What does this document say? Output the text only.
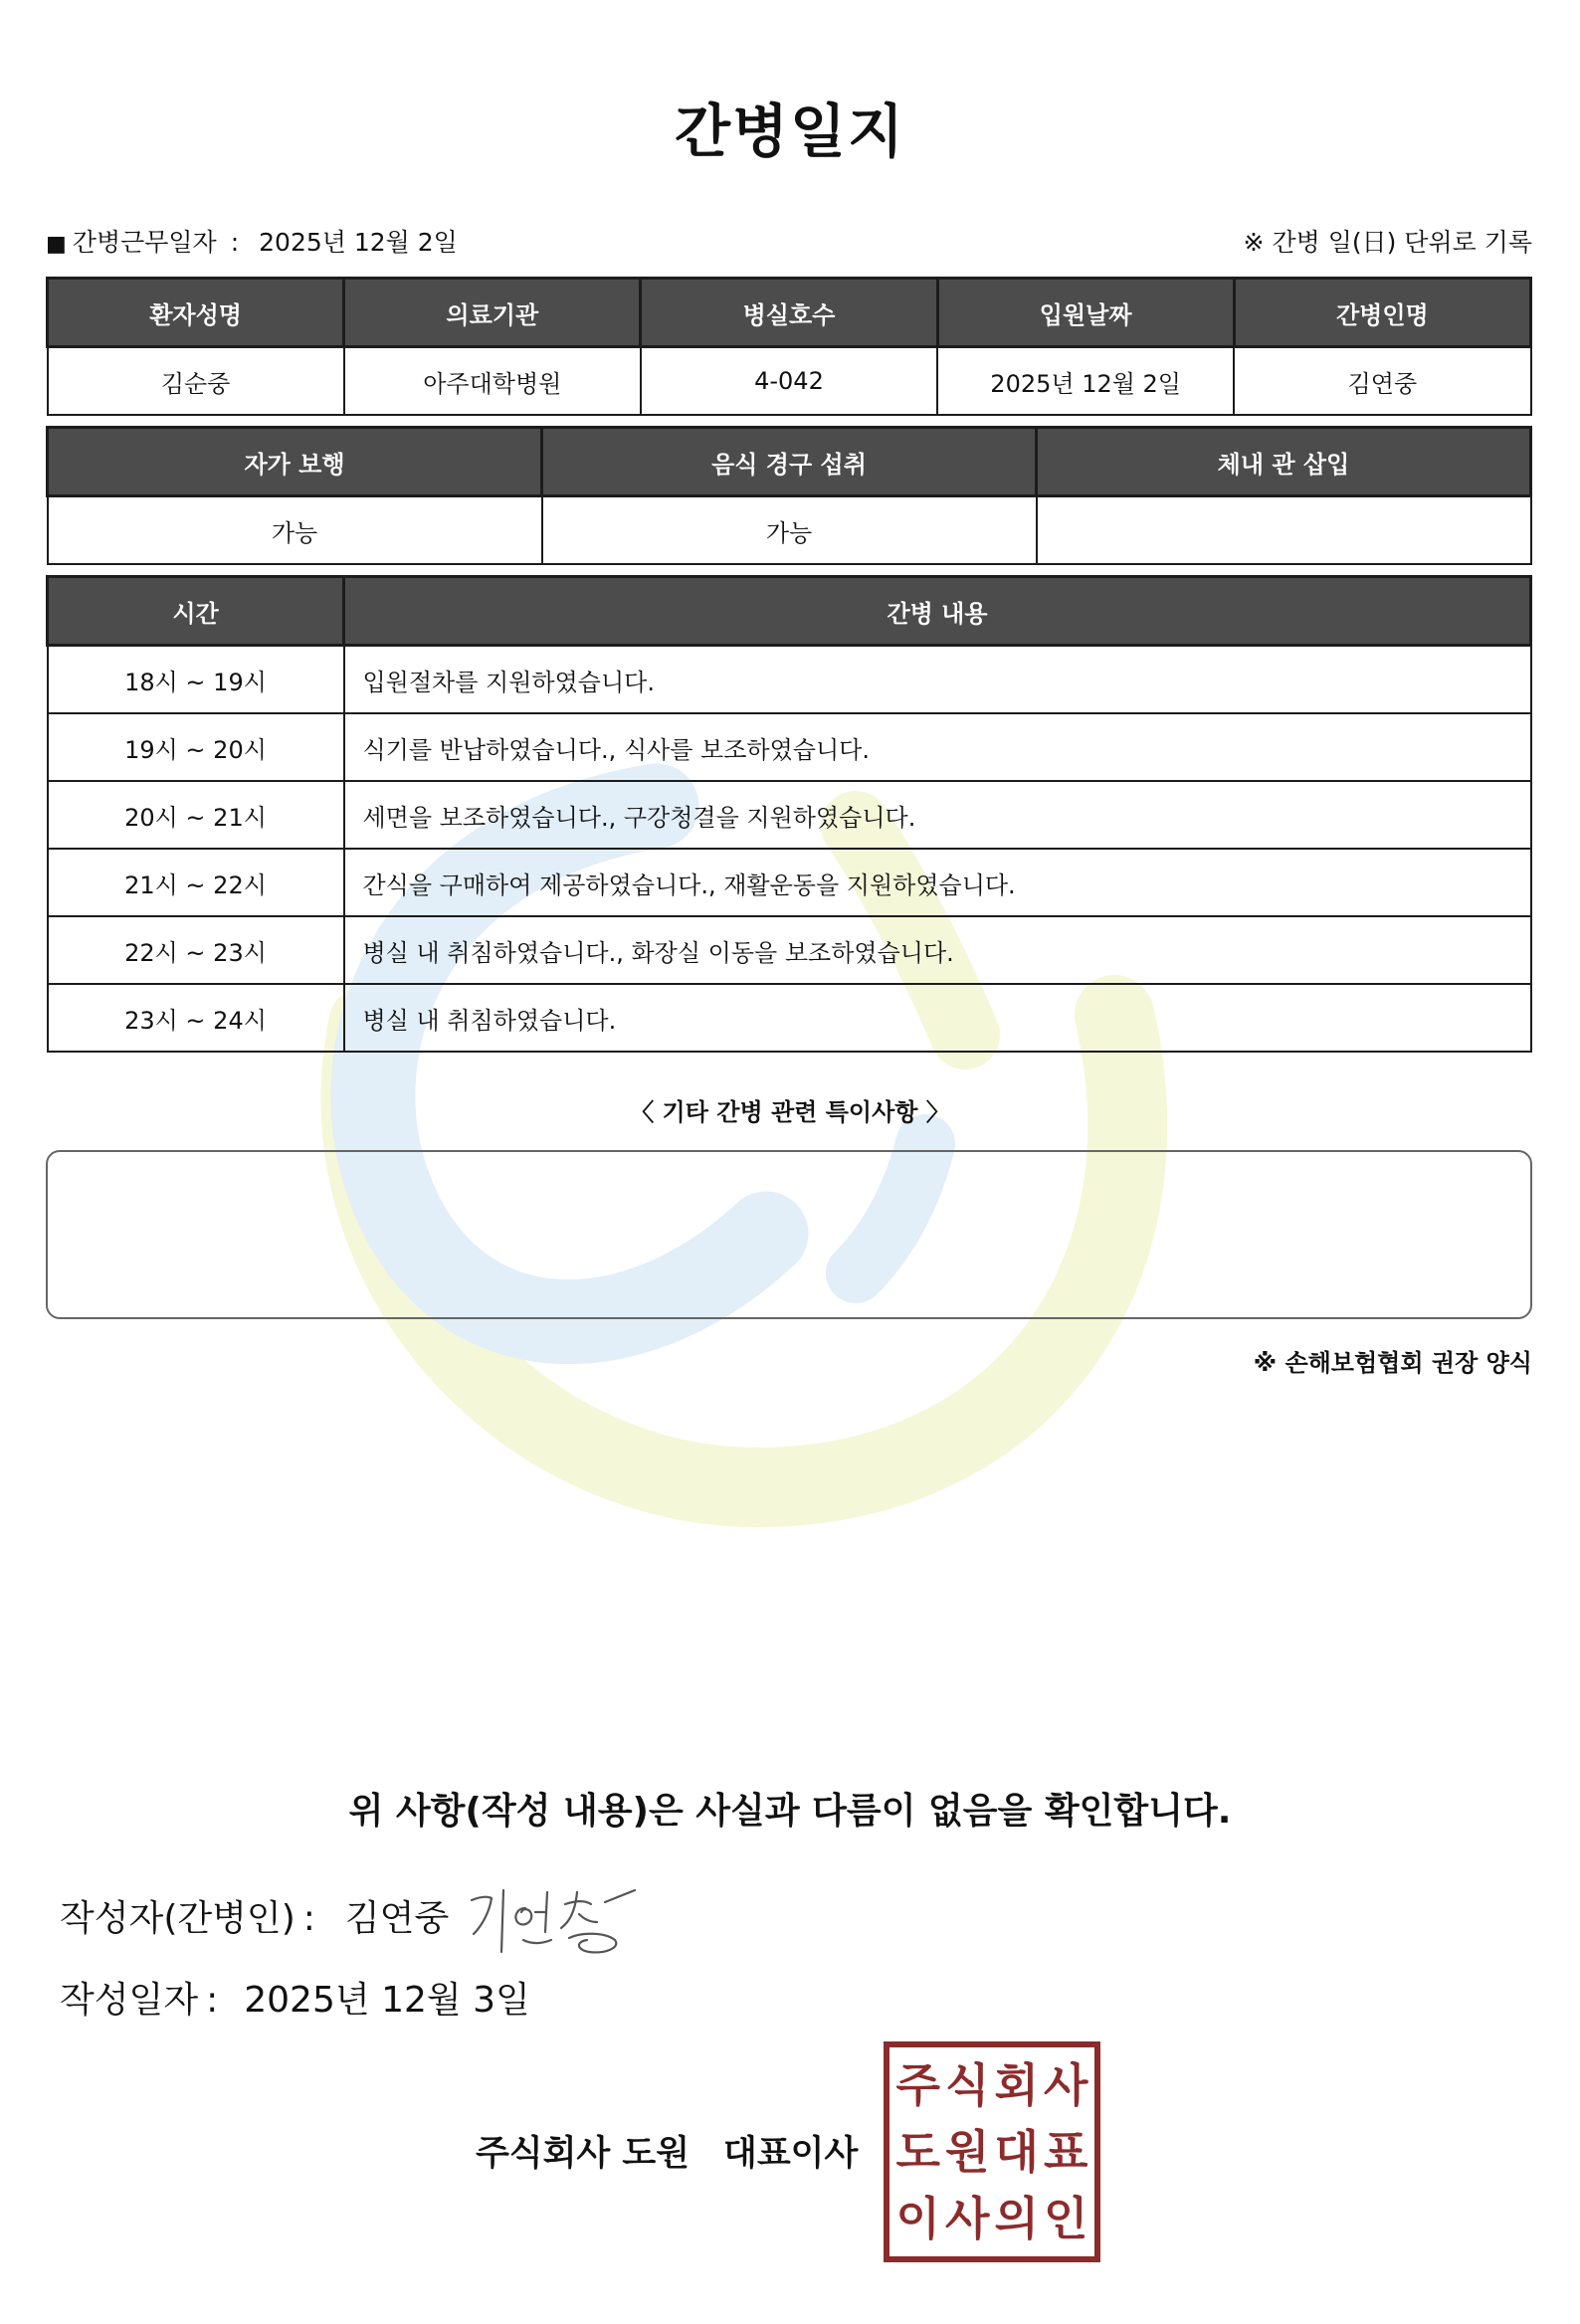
간병일지
■ 간병근무일자 : 2025년 12월 2일	※ 간병 일(日) 단위로 기록
환자성명	의료기관	병실호수	입원날짜	간병인명
김순중	아주대학병원	4-042	2025년 12월 2일	김연중
자가 보행	음식 경구 섭취	체내 관 삽입
가능	가능	
시간	간병 내용
18시 ~ 19시	입원절차를 지원하였습니다.
19시 ~ 20시	식기를 반납하였습니다., 식사를 보조하였습니다.
20시 ~ 21시	세면을 보조하였습니다., 구강청결을 지원하였습니다.
21시 ~ 22시	간식을 구매하여 제공하였습니다., 재활운동을 지원하였습니다.
22시 ~ 23시	병실 내 취침하였습니다., 화장실 이동을 보조하였습니다.
23시 ~ 24시	병실 내 취침하였습니다.
〈 기타 간병 관련 특이사항 〉
※ 손해보험협회 권장 양식
위 사항(작성 내용)은 사실과 다름이 없음을 확인합니다.
작성자(간병인) : 김연중
작성일자 : 2025년 12월 3일
주식회사 도원 대표이사
주 식 회 사
도 원 대 표
이 사 의 인
